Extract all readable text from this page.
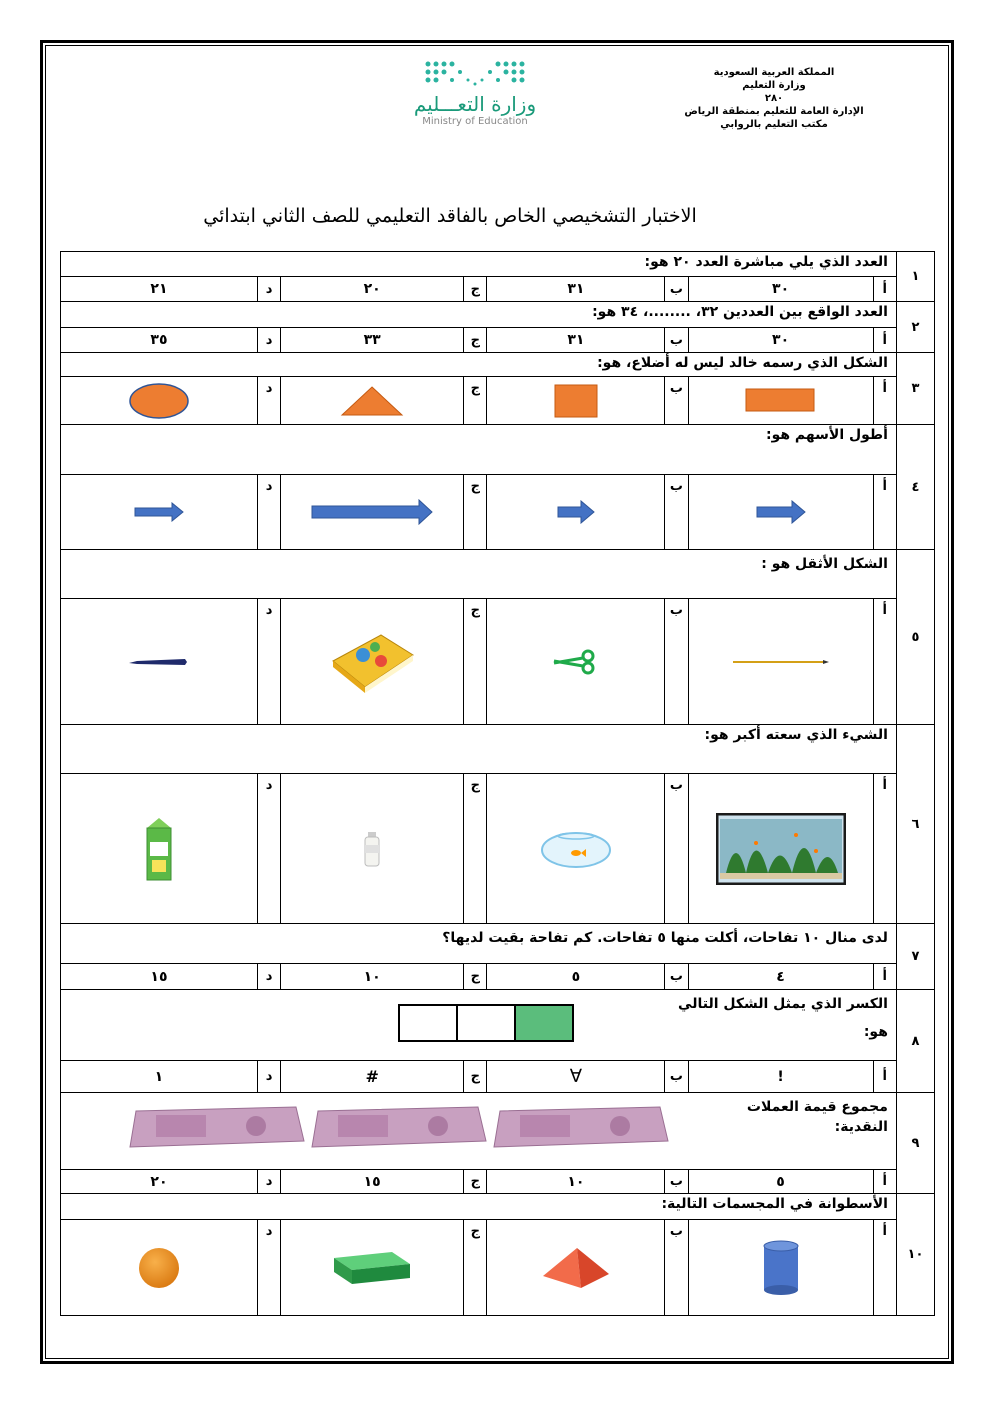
المملكة العربية السعودية
وزارة التعليم
٢٨٠
الإدارة العامة للتعليم بمنطقة الرياض
مكتب التعليم بالروابي
وزارة التعـــليم
Ministry of Education
الاختبار التشخيصي الخاص بالفاقد التعليمي للصف الثاني ابتدائي
١	العدد الذي يلي مباشرة العدد ٢٠ هو:							
	أ	٣٠	ب	٣١	ج	٢٠	د	٢١
٢	العدد الواقع بين العددين ٣٢، ........، ٣٤ هو:							
	أ	٣٠	ب	٣١	ج	٣٣	د	٣٥
٣	الشكل الذي رسمه خالد ليس له أضلاع، هو:							
	أ		ب		ج		د	

٤	أطول الأسهم هو:							
	أ		ب		ج		د	

٥	الشكل الأثقل هو :							
	أ		ب		ج		د	

٦	الشيء الذي سعته أكبر هو:							
	أ		ب		ج		د	

٧	لدى منال ١٠ تفاحات، أكلت منها ٥ تفاحات. كم تفاحة بقيت لديها؟							
	أ	٤	ب	٥	ج	١٠	د	١٥
٨	الكسر الذي يمثل الشكل التالي
هو:							

	أ	!	ب	∀	ج	#	د	١
٩	مجموع قيمة العملات
النقدية:							

	أ	٥	ب	١٠	ج	١٥	د	٢٠
١٠	الأسطوانة في المجسمات التالية:							
	أ		ب		ج		د	
